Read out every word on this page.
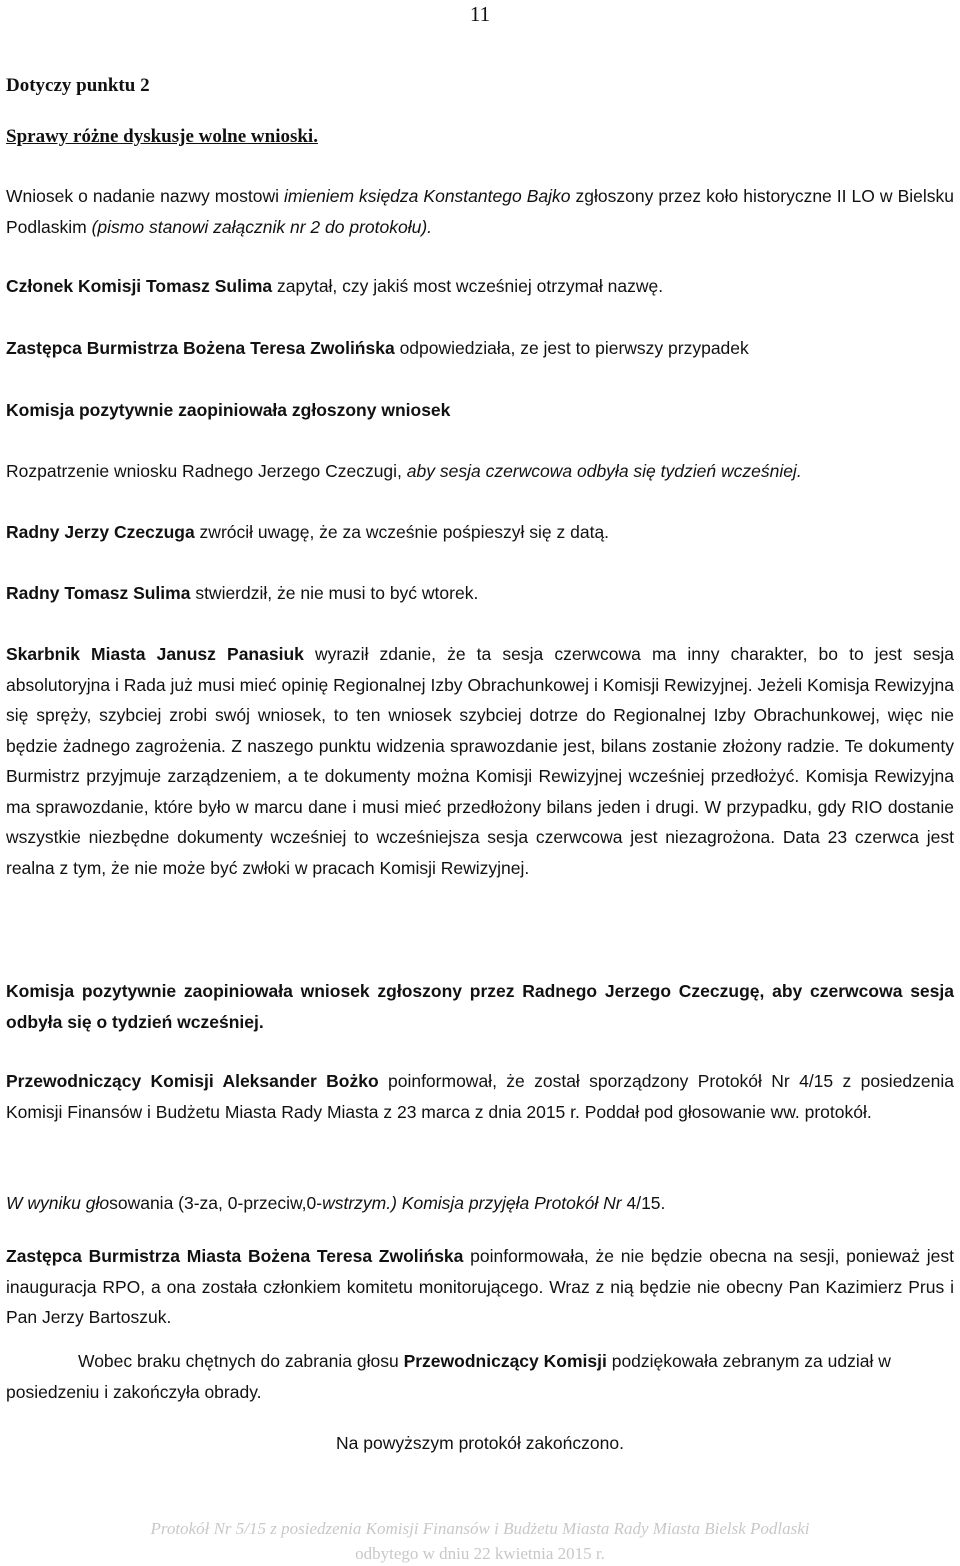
11

Dotyczy punktu 2

Sprawy różne dyskusje wolne wnioski.

Wniosek o nadanie nazwy mostowi imieniem księdza Konstantego Bajko zgłoszony przez koło historyczne II LO w Bielsku Podlaskim (pismo stanowi załącznik nr 2 do protokołu).

Członek Komisji Tomasz Sulima zapytał, czy jakiś most wcześniej otrzymał nazwę.

Zastępca Burmistrza Bożena Teresa Zwolińska odpowiedziała, ze jest to pierwszy przypadek

Komisja pozytywnie zaopiniowała zgłoszony wniosek

Rozpatrzenie wniosku Radnego Jerzego Czeczugi, aby sesja czerwcowa odbyła się tydzień wcześniej.

Radny Jerzy Czeczuga zwrócił uwagę, że za wcześnie pośpieszył się z datą.

Radny Tomasz Sulima stwierdził, że nie musi to być wtorek.

Skarbnik Miasta Janusz Panasiuk wyraził zdanie, że ta sesja czerwcowa ma inny charakter, bo to jest sesja absolutoryjna i Rada już musi mieć opinię Regionalnej Izby Obrachunkowej i Komisji Rewizyjnej. Jeżeli Komisja Rewizyjna się spręży, szybciej zrobi swój wniosek, to ten wniosek szybciej dotrze do Regionalnej Izby Obrachunkowej, więc nie będzie żadnego zagrożenia. Z naszego punktu widzenia sprawozdanie jest, bilans zostanie złożony radzie. Te dokumenty Burmistrz przyjmuje zarządzeniem, a te dokumenty można Komisji Rewizyjnej wcześniej przedłożyć. Komisja Rewizyjna ma sprawozdanie, które było w marcu dane i musi mieć przedłożony bilans jeden i drugi. W przypadku, gdy RIO dostanie wszystkie niezbędne dokumenty wcześniej to wcześniejsza sesja czerwcowa jest niezagrożona. Data 23 czerwca jest realna z tym, że nie może być zwłoki w pracach Komisji Rewizyjnej.

Komisja pozytywnie zaopiniowała wniosek zgłoszony przez Radnego Jerzego Czeczugę, aby czerwcowa sesja odbyła się o tydzień wcześniej.

Przewodniczący Komisji Aleksander Bożko poinformował, że został sporządzony Protokół Nr 4/15 z posiedzenia Komisji Finansów i Budżetu Miasta Rady Miasta z 23 marca z dnia 2015 r. Poddał pod głosowanie ww. protokół.

W wyniku głosowania (3-za, 0-przeciw,0-wstrzym.) Komisja przyjęła Protokół Nr 4/15.

Zastępca Burmistrza Miasta Bożena Teresa Zwolińska poinformowała, że nie będzie obecna na sesji, ponieważ jest inauguracja RPO, a ona została członkiem komitetu monitorującego. Wraz z nią będzie nie obecny Pan Kazimierz Prus i Pan Jerzy Bartoszuk.

Wobec braku chętnych do zabrania głosu Przewodniczący Komisji podziękowała zebranym za udział w posiedzeniu i zakończyła obrady.

Na powyższym protokół zakończono.

Protokół Nr 5/15 z posiedzenia Komisji Finansów i Budżetu Miasta Rady Miasta Bielsk Podlaski
odbytego w dniu 22 kwietnia 2015 r.
